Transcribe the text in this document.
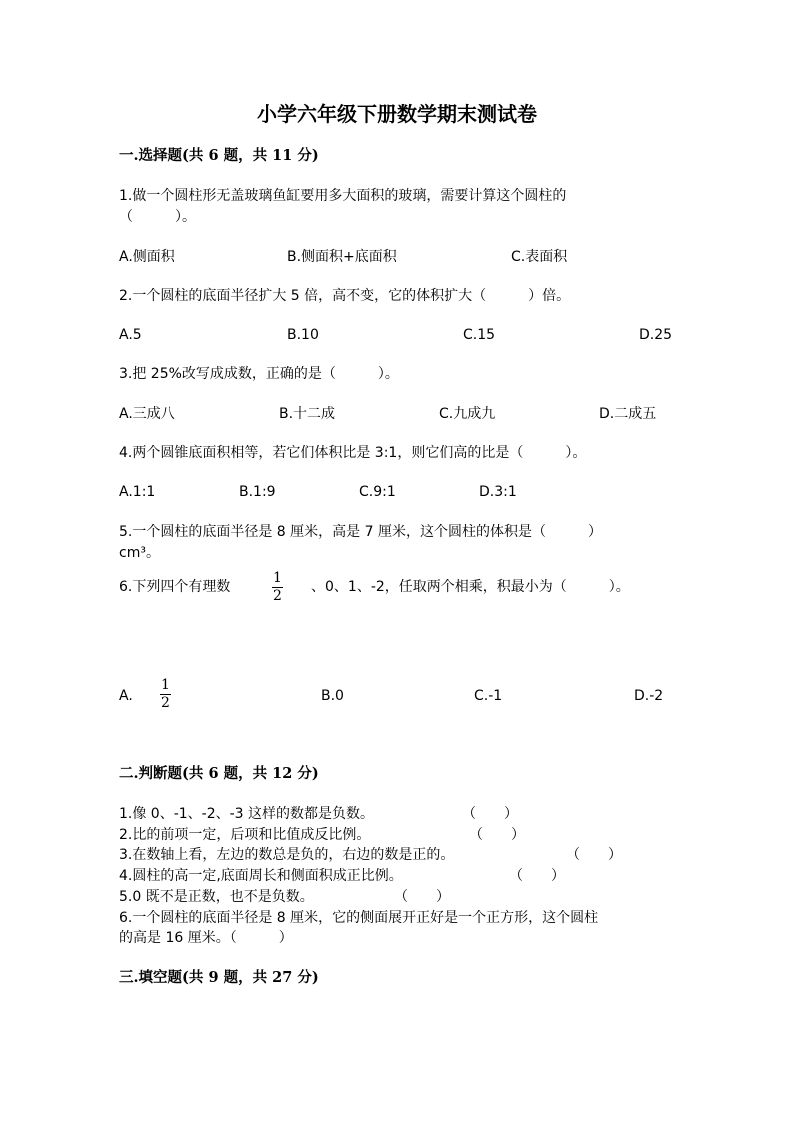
小学六年级下册数学期末测试卷
一.选择题(共 6 题，共 11 分)
1.做一个圆柱形无盖玻璃鱼缸要用多大面积的玻璃，需要计算这个圆柱的
（　　　）。
A.侧面积	B.侧面积+底面积	C.表面积
2.一个圆柱的底面半径扩大 5 倍，高不变，它的体积扩大（　　　）倍。
A.5	B.10	C.15	D.25
3.把 25%改写成成数，正确的是（　　　）。
A.三成八	B.十二成	C.九成九	D.二成五
4.两个圆锥底面积相等，若它们体积比是 3:1，则它们高的比是（　　　）。
A.1:1	B.1:9	C.9:1	D.3:1
5.一个圆柱的底面半径是 8 厘米，高是 7 厘米，这个圆柱的体积是（　　　）
cm³。
6.下列四个有理数
1
2
、0、1、-2，任取两个相乘，积最小为（　　　）。
A.
1
2	B.0	C.-1	D.-2
二.判断题(共 6 题，共 12 分)
1.像 0、-1、-2、-3 这样的数都是负数。	（　　）
2.比的前项一定，后项和比值成反比例。	（　　）
3.在数轴上看，左边的数总是负的，右边的数是正的。	（　　）
4.圆柱的高一定,底面周长和侧面积成正比例。	（　　）
5.0 既不是正数，也不是负数。	（　　）
6.一个圆柱的底面半径是 8 厘米，它的侧面展开正好是一个正方形，这个圆柱
的高是 16 厘米。（　　　）
三.填空题(共 9 题，共 27 分)
